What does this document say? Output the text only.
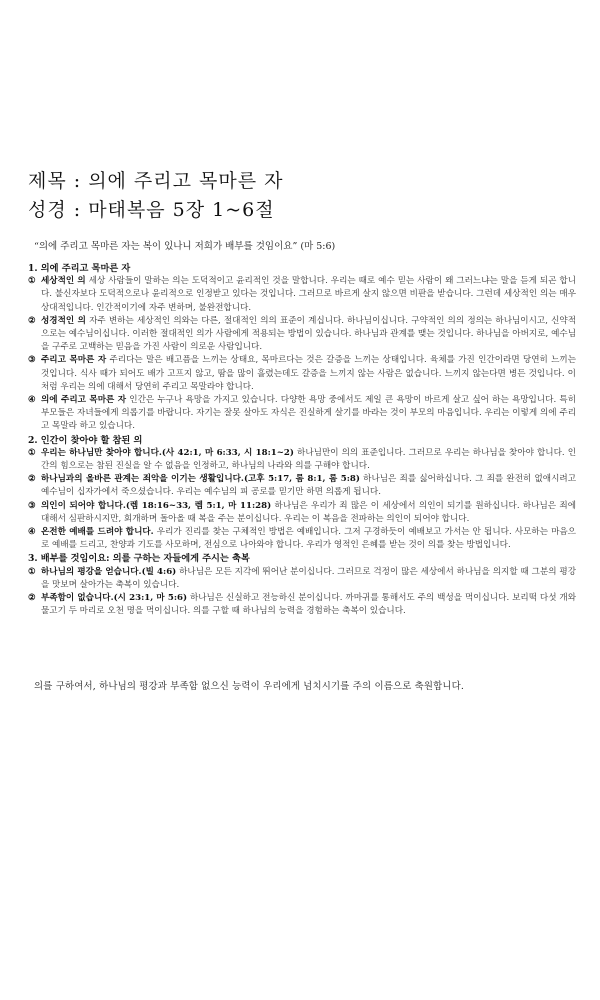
제목 : 의에 주리고 목마른 자
성경 : 마태복음 5장 1~6절
“의에 주리고 목마른 자는 복이 있나니 저희가 배부를 것임이요” (마 5:6)
1. 의에 주리고 목마른 자
① 세상적인 의 세상 사람들이 말하는 의는 도덕적이고 윤리적인 것을 말합니다. 우리는 때로 예수 믿는 사람이 왜 그러느냐는 말을 듣게 되곤 합니다. 불신자보다 도덕적으로나 윤리적으로 인정받고 있다는 것입니다. 그러므로 바르게 살지 않으면 비판을 받습니다. 그런데 세상적인 의는 매우 상대적입니다. 인간적이기에 자주 변하며, 불완전합니다.
② 성경적인 의 자주 변하는 세상적인 의와는 다른, 절대적인 의의 표준이 계십니다. 하나님이십니다. 구약적인 의의 정의는 하나님이시고, 신약적으로는 예수님이십니다. 이러한 절대적인 의가 사람에게 적용되는 방법이 있습니다. 하나님과 관계를 맺는 것입니다. 하나님을 아버지로, 예수님을 구주로 고백하는 믿음을 가진 사람이 의로운 사람입니다.
③ 주리고 목마른 자 주리다는 말은 배고픔을 느끼는 상태요, 목마르다는 것은 갈증을 느끼는 상태입니다. 육체를 가진 인간이라면 당연히 느끼는 것입니다. 식사 때가 되어도 배가 고프지 않고, 땀을 많이 흘렸는데도 갈증을 느끼지 않는 사람은 없습니다. 느끼지 않는다면 병든 것입니다. 이처럼 우리는 의에 대해서 당연히 주리고 목말라야 합니다.
④ 의에 주리고 목마른 자 인간은 누구나 욕망을 가지고 있습니다. 다양한 욕망 중에서도 제일 큰 욕망이 바르게 살고 싶어 하는 욕망입니다. 특히 부모들은 자녀들에게 의롭기를 바랍니다. 자기는 잘못 살아도 자식은 진실하게 살기를 바라는 것이 부모의 마음입니다. 우리는 이렇게 의에 주리고 목말라 하고 있습니다.
2. 인간이 찾아야 할 참된 의
① 우리는 하나님만 찾아야 합니다.(사 42:1, 마 6:33, 시 18:1~2) 하나님만이 의의 표준입니다. 그러므로 우리는 하나님을 찾아야 합니다. 인간의 힘으로는 참된 진실을 알 수 없음을 인정하고, 하나님의 나라와 의를 구해야 합니다.
② 하나님과의 올바른 관계는 죄악을 이기는 생활입니다.(고후 5:17, 롬 8:1, 롬 5:8) 하나님은 죄를 싫어하십니다. 그 죄를 완전히 없애시려고 예수님이 십자가에서 죽으셨습니다. 우리는 예수님의 피 공로를 믿기만 하면 의롭게 됩니다.
③ 의인이 되어야 합니다.(렘 18:16~33, 렘 5:1, 마 11:28) 하나님은 우리가 죄 많은 이 세상에서 의인이 되기를 원하십니다. 하나님은 죄에 대해서 심판하시지만, 회개하며 돌아올 때 복을 주는 분이십니다. 우리는 이 복음을 전파하는 의인이 되어야 합니다.
④ 온전한 예배를 드려야 합니다. 우리가 진리를 찾는 구체적인 방법은 예배입니다. 그저 구경하듯이 예배보고 가서는 안 됩니다. 사모하는 마음으로 예배를 드리고, 찬양과 기도를 사모하며, 전심으로 나아와야 합니다. 우리가 영적인 은혜를 받는 것이 의를 찾는 방법입니다.
3. 배부를 것임이요: 의를 구하는 자들에게 주시는 축복
① 하나님의 평강을 얻습니다.(빌 4:6) 하나님은 모든 지각에 뛰어난 분이십니다. 그러므로 걱정이 많은 세상에서 하나님을 의지할 때 그분의 평강을 맛보며 살아가는 축복이 있습니다.
② 부족함이 없습니다.(시 23:1, 마 5:6) 하나님은 신실하고 전능하신 분이십니다. 까마귀를 통해서도 주의 백성을 먹이십니다. 보리떡 다섯 개와 물고기 두 마리로 오천 명을 먹이십니다. 의를 구할 때 하나님의 능력을 경험하는 축복이 있습니다.
의를 구하여서, 하나님의 평강과 부족함 없으신 능력이 우리에게 넘치시기를 주의 이름으로 축원합니다.
